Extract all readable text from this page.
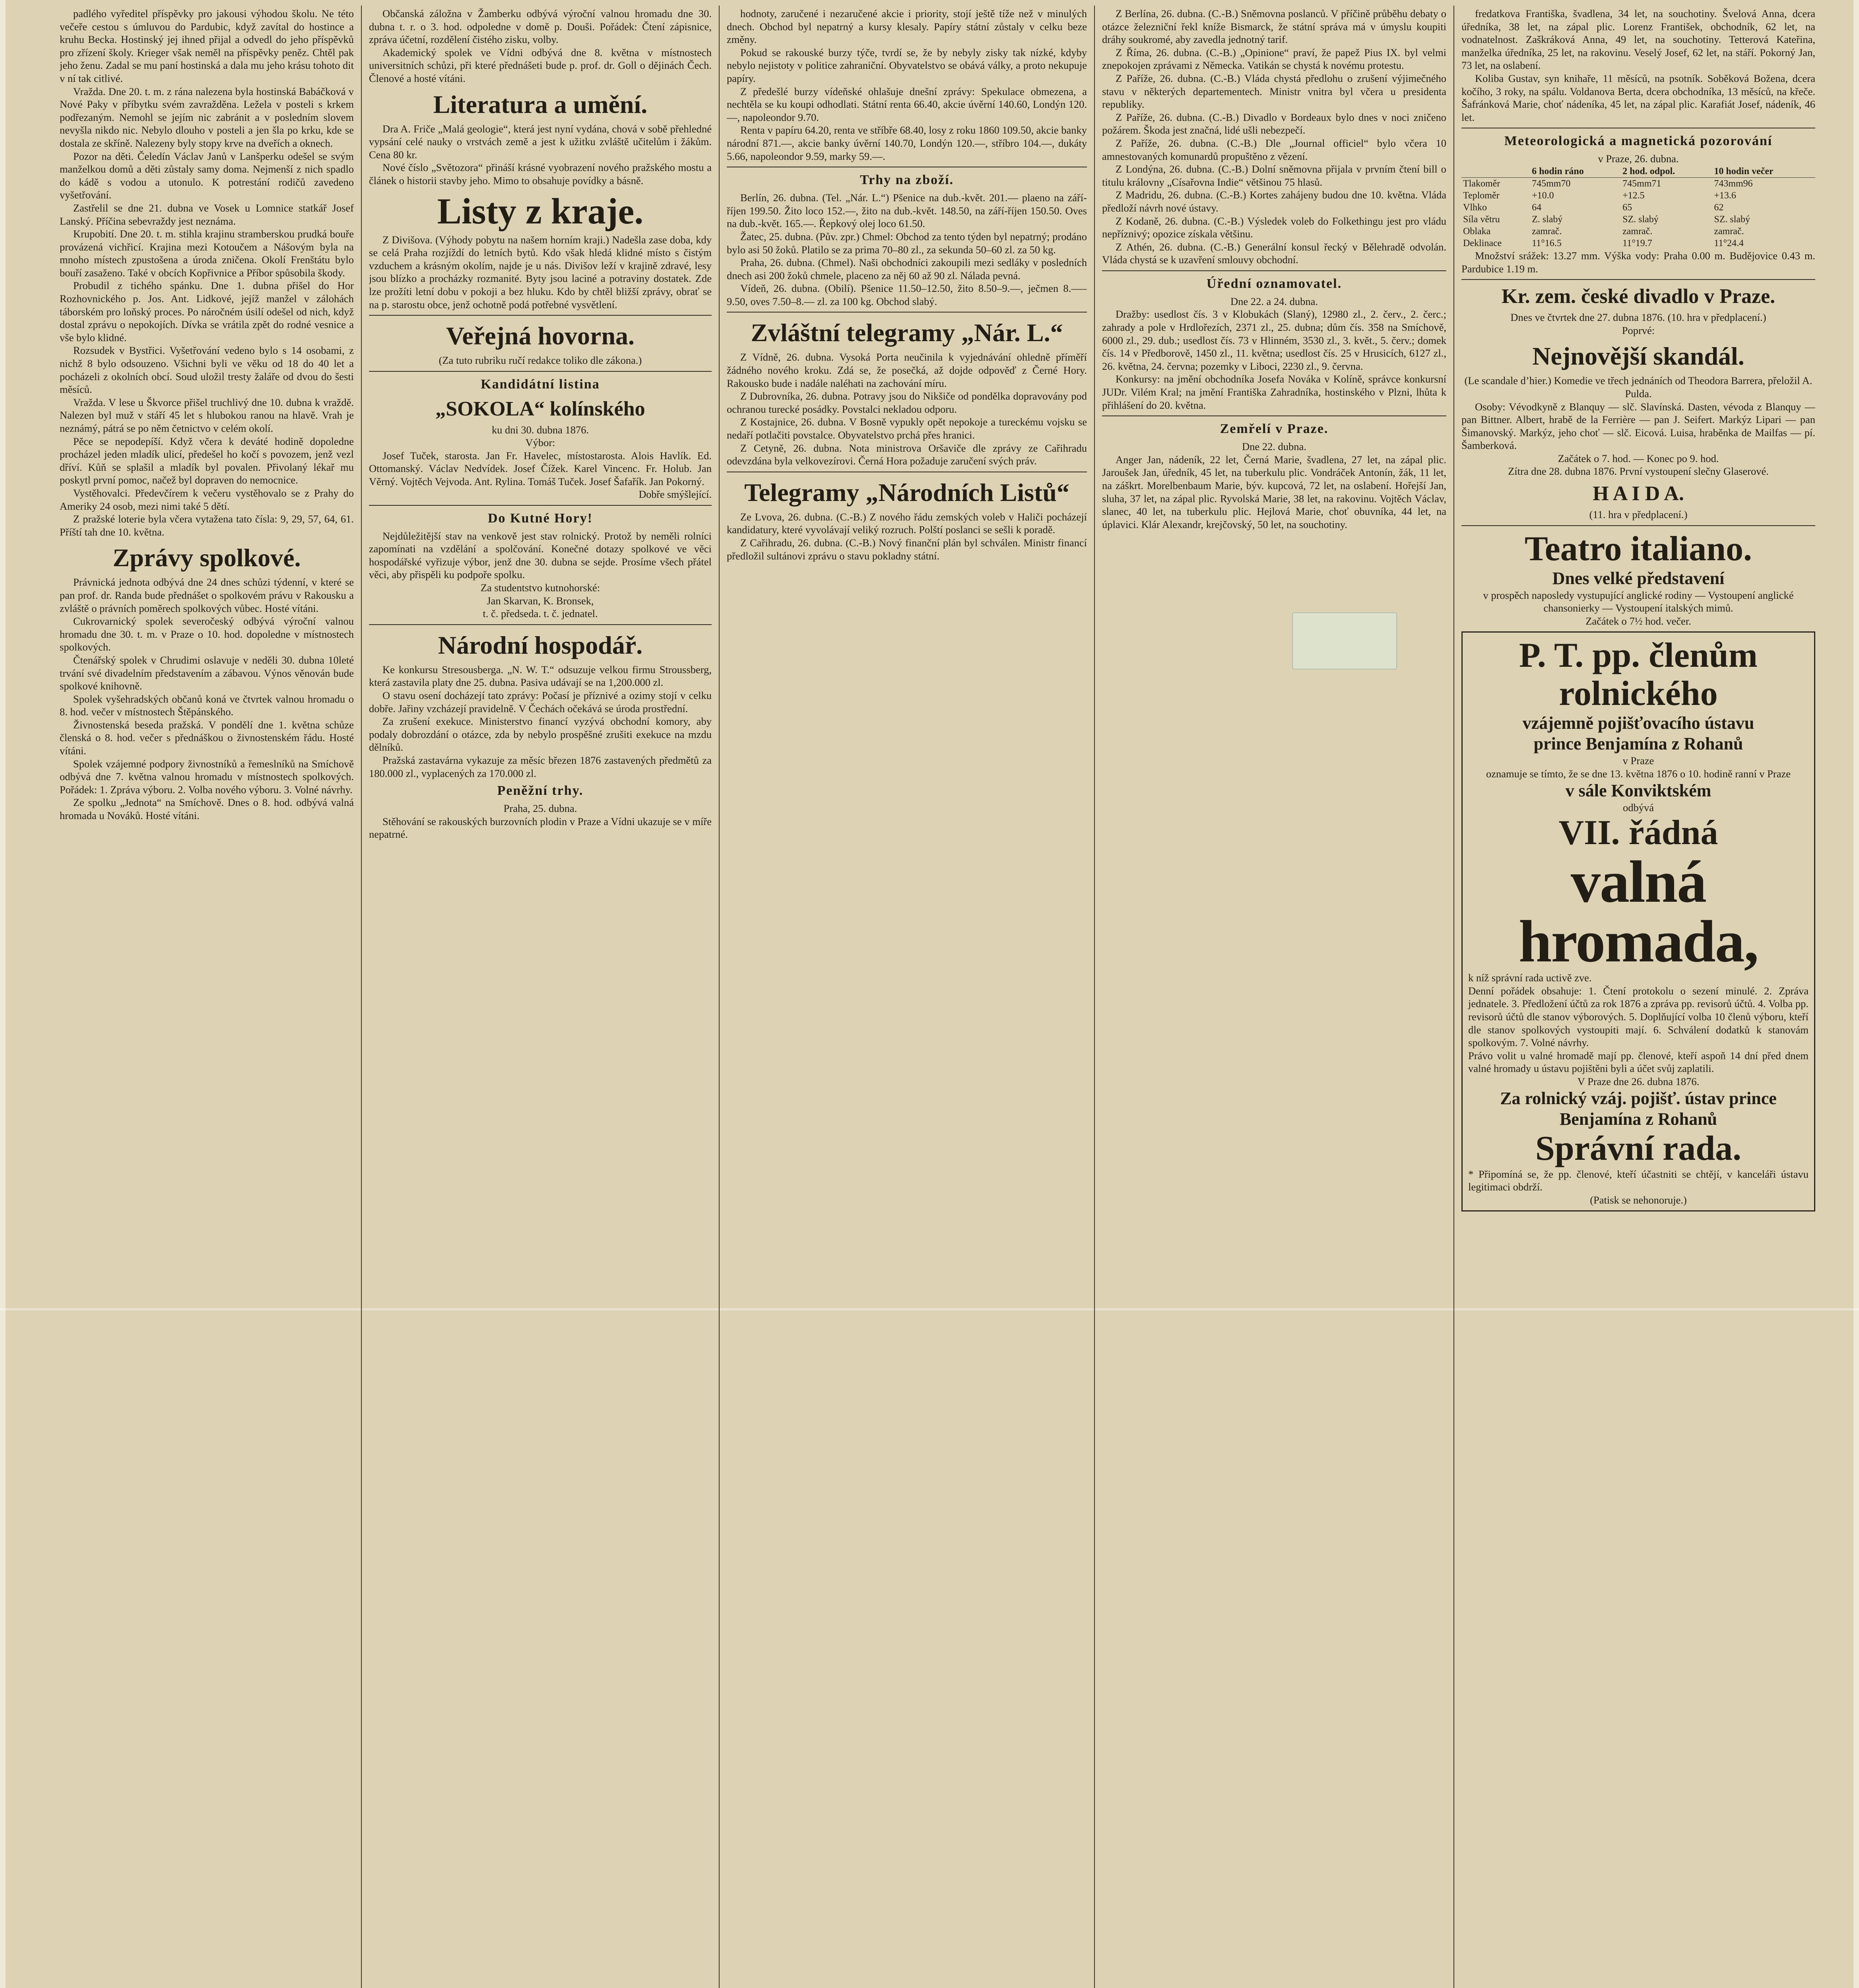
padlého vyředitel příspěvky pro jakousi výhodou školu. Ne této večeře cestou s úmluvou do Pardubic, když zavítal do hostince a kruhu Becka. Hostinský jej ihned přijal a odvedl do jeho příspěvků pro zřízení školy. Krieger však neměl na příspěvky peněz. Chtěl pak jeho ženu. Zadal se mu paní hostinská a dala mu jeho krásu tohoto dit v ní tak citlivé.

Vražda. Dne 20. t. m. z rána nalezena byla hostinská Babáčková v Nové Paky v příbytku svém zavražděna. Ležela v posteli s krkem podřezaným. Nemohl se jejím nic zabránit a v posledním slovem nevyšla nikdo nic. Nebylo dlouho v posteli a jen šla po krku, kde se dostala ze skříně. Nalezeny byly stopy krve na dveřích a oknech.

Pozor na děti. Čeledín Václav Janů v Lanšperku odešel se svým manželkou domů a děti zůstaly samy doma. Nejmenší z nich spadlo do kádě s vodou a utonulo. K potrestání rodičů zavedeno vyšetřování.

Zastřelil se dne 21. dubna ve Vosek u Lomnice statkář Josef Lanský. Příčina sebevraždy jest neznáma.

Krupobití. Dne 20. t. m. stihla krajinu stramberskou prudká bouře provázená vichřicí. Krajina mezi Kotoučem a Nášovým byla na mnoho místech zpustošena a úroda zničena. Okolí Frenštátu bylo bouří zasaženo. Také v obcích Kopřivnice a Příbor spůsobila škody.

Probudil z tichého spánku. Dne 1. dubna přišel do Hor Rozhovnického p. Jos. Ant. Lidkové, jejíž manžel v zálohách táborském pro loňský proces. Po náročném úsilí odešel od nich, když dostal zprávu o nepokojích. Dívka se vrátila zpět do rodné vesnice a vše bylo klidné.

Rozsudek v Bystřici. Vyšetřování vedeno bylo s 14 osobami, z nichž 8 bylo odsouzeno. Všichni byli ve věku od 18 do 40 let a pocházeli z okolních obcí. Soud uložil tresty žaláře od dvou do šesti měsíců.

Vražda. V lese u Škvorce přišel truchlivý dne 10. dubna k vraždě. Nalezen byl muž v stáří 45 let s hlubokou ranou na hlavě. Vrah je neznámý, pátrá se po něm četnictvo v celém okolí.

Pěce se nepodepíší. Když včera k deváté hodině dopoledne procházel jeden mladík ulicí, předešel ho kočí s povozem, jenž vezl dříví. Kůň se splašil a mladík byl povalen. Přivolaný lékař mu poskytl první pomoc, načež byl dopraven do nemocnice.

Vystěhovalci. Předevčírem k večeru vystěhovalo se z Prahy do Ameriky 24 osob, mezi nimi také 5 dětí.

Z pražské loterie byla včera vytažena tato čísla: 9, 29, 57, 64, 61. Příští tah dne 10. května.

Zprávy spolkové.

Právnická jednota odbývá dne 24 dnes schůzi týdenní, v které se pan prof. dr. Randa bude přednášet o spolkovém právu v Rakousku a zvláště o právních poměrech spolkových vůbec. Hosté vítáni.

Cukrovarnický spolek severočeský odbývá výroční valnou hromadu dne 30. t. m. v Praze o 10. hod. dopoledne v místnostech spolkových.

Čtenářský spolek v Chrudimi oslavuje v neděli 30. dubna 10leté trvání své divadelním představením a zábavou. Výnos věnován bude spolkové knihovně.

Spolek vyšehradských občanů koná ve čtvrtek valnou hromadu o 8. hod. večer v místnostech Štěpánského.

Živnostenská beseda pražská. V pondělí dne 1. května schůze členská o 8. hod. večer s přednáškou o živnostenském řádu. Hosté vítáni.

Spolek vzájemné podpory živnostníků a řemeslníků na Smíchově odbývá dne 7. května valnou hromadu v místnostech spolkových. Pořádek: 1. Zpráva výboru. 2. Volba nového výboru. 3. Volné návrhy.

Ze spolku „Jednota“ na Smíchově. Dnes o 8. hod. odbývá valná hromada u Nováků. Hosté vítáni.

Občanská záložna v Žamberku odbývá výroční valnou hromadu dne 30. dubna t. r. o 3. hod. odpoledne v domě p. Douši. Pořádek: Čtení zápisnice, zpráva účetní, rozdělení čistého zisku, volby.

Akademický spolek ve Vídni odbývá dne 8. května v místnostech universitních schůzi, při které přednášeti bude p. prof. dr. Goll o dějinách Čech. Členové a hosté vítáni.

Literatura a umění.

Dra A. Friče „Malá geologie“, která jest nyní vydána, chová v sobě přehledné vypsání celé nauky o vrstvách země a jest k užitku zvláště učitelům i žákům. Cena 80 kr.

Nové číslo „Světozora“ přináší krásné vyobrazení nového pražského mostu a článek o historii stavby jeho. Mimo to obsahuje povídky a básně.

Listy z kraje.

Z Divišova. (Výhody pobytu na našem horním kraji.) Nadešla zase doba, kdy se celá Praha rozjíždí do letních bytů. Kdo však hledá klidné místo s čistým vzduchem a krásným okolím, najde je u nás. Divišov leží v krajině zdravé, lesy jsou blízko a procházky rozmanité. Byty jsou laciné a potraviny dostatek. Zde lze prožíti letní dobu v pokoji a bez hluku. Kdo by chtěl bližší zprávy, obrať se na p. starostu obce, jenž ochotně podá potřebné vysvětlení.

Veřejná hovorna.

(Za tuto rubriku ručí redakce toliko dle zákona.)

Kandidátní listina
„SOKOLA“ kolínského

ku dni 30. dubna 1876.

Výbor:

Josef Tuček, starosta. Jan Fr. Havelec, místostarosta. Alois Havlík. Ed. Ottomanský. Václav Nedvídek. Josef Čížek. Karel Vincenc. Fr. Holub. Jan Věrný. Vojtěch Vejvoda. Ant. Rylina. Tomáš Tuček. Josef Šafařík. Jan Pokorný.

Dobře smýšlející.

Do Kutné Hory!

Nejdůležitější stav na venkově jest stav rolnický. Protož by neměli rolníci zapomínati na vzdělání a spolčování. Konečné dotazy spolkové ve věci hospodářské vyřizuje výbor, jenž dne 30. dubna se sejde. Prosíme všech přátel věci, aby přispěli ku podpoře spolku.

Za studentstvo kutnohorské:

Jan Skarvan, K. Bronsek,

t. č. předseda. t. č. jednatel.

Národní hospodář.

Ke konkursu Stresousberga. „N. W. T.“ odsuzuje velkou firmu Stroussberg, která zastavila platy dne 25. dubna. Pasiva udávají se na 1,200.000 zl.

O stavu osení docházejí tato zprávy: Počasí je příznivé a ozimy stojí v celku dobře. Jařiny vzcházejí pravidelně. V Čechách očekává se úroda prostřední.

Za zrušení exekuce. Ministerstvo financí vyzývá obchodní komory, aby podaly dobrozdání o otázce, zda by nebylo prospěšné zrušiti exekuce na mzdu dělníků.

Pražská zastavárna vykazuje za měsíc březen 1876 zastavených předmětů za 180.000 zl., vyplacených za 170.000 zl.

Peněžní trhy.

Praha, 25. dubna.

Stěhování se rakouských burzovních plodin v Praze a Vídni ukazuje se v míře nepatrné.

hodnoty, zaručené i nezaručené akcie i priority, stojí ještě tíže než v minulých dnech. Obchod byl nepatrný a kursy klesaly. Papíry státní zůstaly v celku beze změny.

Pokud se rakouské burzy týče, tvrdí se, že by nebyly zisky tak nízké, kdyby nebylo nejistoty v politice zahraniční. Obyvatelstvo se obává války, a proto nekupuje papíry.

Z předešlé burzy vídeňské ohlašuje dnešní zprávy: Spekulace obmezena, a nechtěla se ku koupi odhodlati. Státní renta 66.40, akcie úvěrní 140.60, Londýn 120.—, napoleondor 9.70.

Renta v papíru 64.20, renta ve stříbře 68.40, losy z roku 1860 109.50, akcie banky národní 871.—, akcie banky úvěrní 140.70, Londýn 120.—, stříbro 104.—, dukáty 5.66, napoleondor 9.59, marky 59.—.

Trhy na zboží.

Berlín, 26. dubna. (Tel. „Nár. L.“) Pšenice na dub.-květ. 201.— plaeno na září-říjen 199.50. Žito loco 152.—, žito na dub.-květ. 148.50, na září-říjen 150.50. Oves na dub.-květ. 165.—. Řepkový olej loco 61.50.

Žatec, 25. dubna. (Pův. zpr.) Chmel: Obchod za tento týden byl nepatrný; prodáno bylo asi 50 žoků. Platilo se za prima 70–80 zl., za sekunda 50–60 zl. za 50 kg.

Praha, 26. dubna. (Chmel). Naši obchodníci zakoupili mezi sedláky v posledních dnech asi 200 žoků chmele, placeno za něj 60 až 90 zl. Nálada pevná.

Vídeň, 26. dubna. (Obilí). Pšenice 11.50–12.50, žito 8.50–9.—, ječmen 8.—–9.50, oves 7.50–8.— zl. za 100 kg. Obchod slabý.

Zvláštní telegramy „Nár. L.“

Z Vídně, 26. dubna. Vysoká Porta neučinila k vyjednávání ohledně příměří žádného nového kroku. Zdá se, že posečká, až dojde odpověď z Černé Hory. Rakousko bude i nadále naléhati na zachování míru.

Z Dubrovníka, 26. dubna. Potravy jsou do Nikšiče od pondělka dopravovány pod ochranou turecké posádky. Povstalci nekladou odporu.

Z Kostajnice, 26. dubna. V Bosně vypukly opět nepokoje a tureckému vojsku se nedaří potlačiti povstalce. Obyvatelstvo prchá přes hranici.

Z Cetyně, 26. dubna. Nota ministrova Oršaviče dle zprávy ze Cařihradu odevzdána byla velkovezírovi. Černá Hora požaduje zaručení svých práv.

Telegramy „Národních Listů“

Ze Lvova, 26. dubna. (C.-B.) Z nového řádu zemských voleb v Haliči pocházejí kandidatury, které vyvolávají veliký rozruch. Polští poslanci se sešli k poradě.

Z Cařihradu, 26. dubna. (C.-B.) Nový finanční plán byl schválen. Ministr financí předložil sultánovi zprávu o stavu pokladny státní.

Z Berlína, 26. dubna. (C.-B.) Sněmovna poslanců. V příčině průběhu debaty o otázce železniční řekl kníže Bismarck, že státní správa má v úmyslu koupiti dráhy soukromé, aby zavedla jednotný tarif.

Z Říma, 26. dubna. (C.-B.) „Opinione“ praví, že papež Pius IX. byl velmi znepokojen zprávami z Německa. Vatikán se chystá k novému protestu.

Z Paříže, 26. dubna. (C.-B.) Vláda chystá předlohu o zrušení výjimečného stavu v některých departementech. Ministr vnitra byl včera u presidenta republiky.

Z Paříže, 26. dubna. (C.-B.) Divadlo v Bordeaux bylo dnes v noci zničeno požárem. Škoda jest značná, lidé ušli nebezpečí.

Z Paříže, 26. dubna. (C.-B.) Dle „Journal officiel“ bylo včera 10 amnestovaných komunardů propuštěno z vězení.

Z Londýna, 26. dubna. (C.-B.) Dolní sněmovna přijala v prvním čtení bill o titulu královny „Císařovna Indie“ většinou 75 hlasů.

Z Madridu, 26. dubna. (C.-B.) Kortes zahájeny budou dne 10. května. Vláda předloží návrh nové ústavy.

Z Kodaně, 26. dubna. (C.-B.) Výsledek voleb do Folkethingu jest pro vládu nepříznivý; opozice získala většinu.

Z Athén, 26. dubna. (C.-B.) Generální konsul řecký v Bělehradě odvolán. Vláda chystá se k uzavření smlouvy obchodní.

Úřední oznamovatel.

Dne 22. a 24. dubna.

Dražby: usedlost čís. 3 v Klobukách (Slaný), 12980 zl., 2. červ., 2. čerc.; zahrady a pole v Hrdlořezích, 2371 zl., 25. dubna; dům čís. 358 na Smíchově, 6000 zl., 29. dub.; usedlost čís. 73 v Hlinném, 3530 zl., 3. květ., 5. červ.; domek čís. 14 v Předborově, 1450 zl., 11. května; usedlost čís. 25 v Hrusicích, 6127 zl., 26. května, 24. června; pozemky v Liboci, 2230 zl., 9. června.

Konkursy: na jmění obchodníka Josefa Nováka v Kolíně, správce konkursní JUDr. Vilém Kral; na jmění Františka Zahradníka, hostinského v Plzni, lhůta k přihlášení do 20. května.

Zemřelí v Praze.

Dne 22. dubna.

Anger Jan, nádeník, 22 let, Černá Marie, švadlena, 27 let, na zápal plic. Jaroušek Jan, úředník, 45 let, na tuberkulu plic. Vondráček Antonín, žák, 11 let, na záškrt. Morelbenbaum Marie, býv. kupcová, 72 let, na oslabení. Hořejší Jan, sluha, 37 let, na zápal plic. Ryvolská Marie, 38 let, na rakovinu. Vojtěch Václav, slanec, 40 let, na tuberkulu plic. Hejlová Marie, choť obuvníka, 44 let, na úplavici. Klár Alexandr, krejčovský, 50 let, na souchotiny.

fredatkova Františka, švadlena, 34 let, na souchotiny. Švelová Anna, dcera úředníka, 38 let, na zápal plic. Lorenz František, obchodník, 62 let, na vodnatelnost. Zaškráková Anna, 49 let, na souchotiny. Tetterová Kateřina, manželka úředníka, 25 let, na rakovinu. Veselý Josef, 62 let, na stáří. Pokorný Jan, 73 let, na oslabení.

Koliba Gustav, syn knihaře, 11 měsíců, na psotník. Soběková Božena, dcera kočího, 3 roky, na spálu. Voldanova Berta, dcera obchodníka, 13 měsíců, na křeče. Šafránková Marie, choť nádeníka, 45 let, na zápal plic. Karafiát Josef, nádeník, 46 let.

Meteorologická a magnetická pozorování

v Praze, 26. dubna.

	6 hodin ráno	2 hod. odpol.	10 hodin večer
Tlakoměr	745mm70	745mm71	743mm96
Teploměr	+10.0	+12.5	+13.6
Vlhko	64	65	62
Síla větru	Z. slabý	SZ. slabý	SZ. slabý
Oblaka	zamrač.	zamrač.	zamrač.
Deklinace	11°16.5	11°19.7	11°24.4

Množství srážek: 13.27 mm. Výška vody: Praha 0.00 m. Budějovice 0.43 m. Pardubice 1.19 m.

Kr. zem. české divadlo v Praze.

Dnes ve čtvrtek dne 27. dubna 1876. (10. hra v předplacení.)

Poprvé:

Nejnovější skandál.

(Le scandale d’hier.) Komedie ve třech jednáních od Theodora Barrera, přeložil A. Pulda.

Osoby: Vévodkyně z Blanquy — slč. Slavínská. Dasten, vévoda z Blanquy — pan Bittner. Albert, hrabě de la Ferrière — pan J. Seifert. Markýz Lipari — pan Šimanovský. Markýz, jeho choť — slč. Eicová. Luisa, hraběnka de Mailfas — pí. Šamberková.

Začátek o 7. hod. — Konec po 9. hod.

Zítra dne 28. dubna 1876. První vystoupení slečny Glaserové.

H A I D A.

(11. hra v předplacení.)

Teatro italiano.
Dnes velké představení

v prospěch naposledy vystupující anglické rodiny — Vystoupení anglické chansonierky — Vystoupení italských mimů.

Začátek o 7½ hod. večer.

P. T. pp. členům
rolnického
vzájemně pojišťovacího ústavu
prince Benjamína z Rohanů

v Praze

oznamuje se tímto, že se dne 13. května 1876 o 10. hodině ranní v Praze

v sále Konviktském

odbývá

VII. řádná
valná hromada,

k níž správní rada uctivě zve.

Denní pořádek obsahuje: 1. Čtení protokolu o sezení minulé. 2. Zpráva jednatele. 3. Předložení účtů za rok 1876 a zpráva pp. revisorů účtů. 4. Volba pp. revisorů účtů dle stanov výborových. 5. Doplňující volba 10 členů výboru, kteří dle stanov spolkových vystoupiti mají. 6. Schválení dodatků k stanovám spolkovým. 7. Volné návrhy.

Právo volit u valné hromadě mají pp. členové, kteří aspoň 14 dní před dnem valné hromady u ústavu pojištěni byli a účet svůj zaplatili.

V Praze dne 26. dubna 1876.

Za rolnický vzáj. pojišť. ústav prince Benjamína z Rohanů
Správní rada.

* Připomíná se, že pp. členové, kteří účastniti se chtějí, v kanceláři ústavu legitimaci obdrží.

(Patisk se nehonoruje.)
